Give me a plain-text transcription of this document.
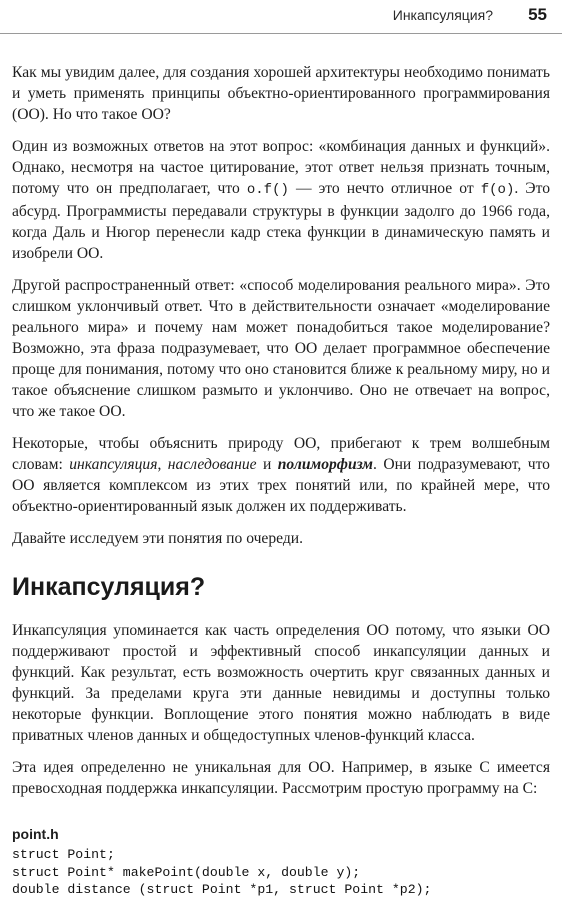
Инкапсуляция? 55

Как мы увидим далее, для создания хорошей архитектуры необходимо понимать и уметь применять принципы объектно-ориентированного программирования (ОО). Но что такое ОО?

Один из возможных ответов на этот вопрос: «комбинация данных и функций». Однако, несмотря на частое цитирование, этот ответ нельзя признать точным, потому что он предполагает, что o.f() — это нечто отличное от f(o). Это абсурд. Программисты передавали структуры в функции задолго до 1966 года, когда Даль и Нюгор перенесли кадр стека функции в динамическую память и изобрели ОО.

Другой распространенный ответ: «способ моделирования реального мира». Это слишком уклончивый ответ. Что в действительности означает «моделирование реального мира» и почему нам может понадобиться такое моделирование? Возможно, эта фраза подразумевает, что ОО делает программное обеспечение проще для понимания, потому что оно становится ближе к реальному миру, но и такое объяснение слишком размыто и уклончиво. Оно не отвечает на вопрос, что же такое ОО.

Некоторые, чтобы объяснить природу ОО, прибегают к трем волшебным словам: инкапсуляция, наследование и полиморфизм. Они подразумевают, что ОО является комплексом из этих трех понятий или, по крайней мере, что объектно-ориентированный язык должен их поддерживать.

Давайте исследуем эти понятия по очереди.

Инкапсуляция?

Инкапсуляция упоминается как часть определения ОО потому, что языки ОО поддерживают простой и эффективный способ инкапсуляции данных и функций. Как результат, есть возможность очертить круг связанных данных и функций. За пределами круга эти данные невидимы и доступны только некоторые функции. Воплощение этого понятия можно наблюдать в виде приватных членов данных и общедоступных членов-функций класса.

Эта идея определенно не уникальная для ОО. Например, в языке С имеется превосходная поддержка инкапсуляции. Рассмотрим простую программу на С:

point.h
struct Point;
struct Point* makePoint(double x, double y);
double distance (struct Point *p1, struct Point *p2);
